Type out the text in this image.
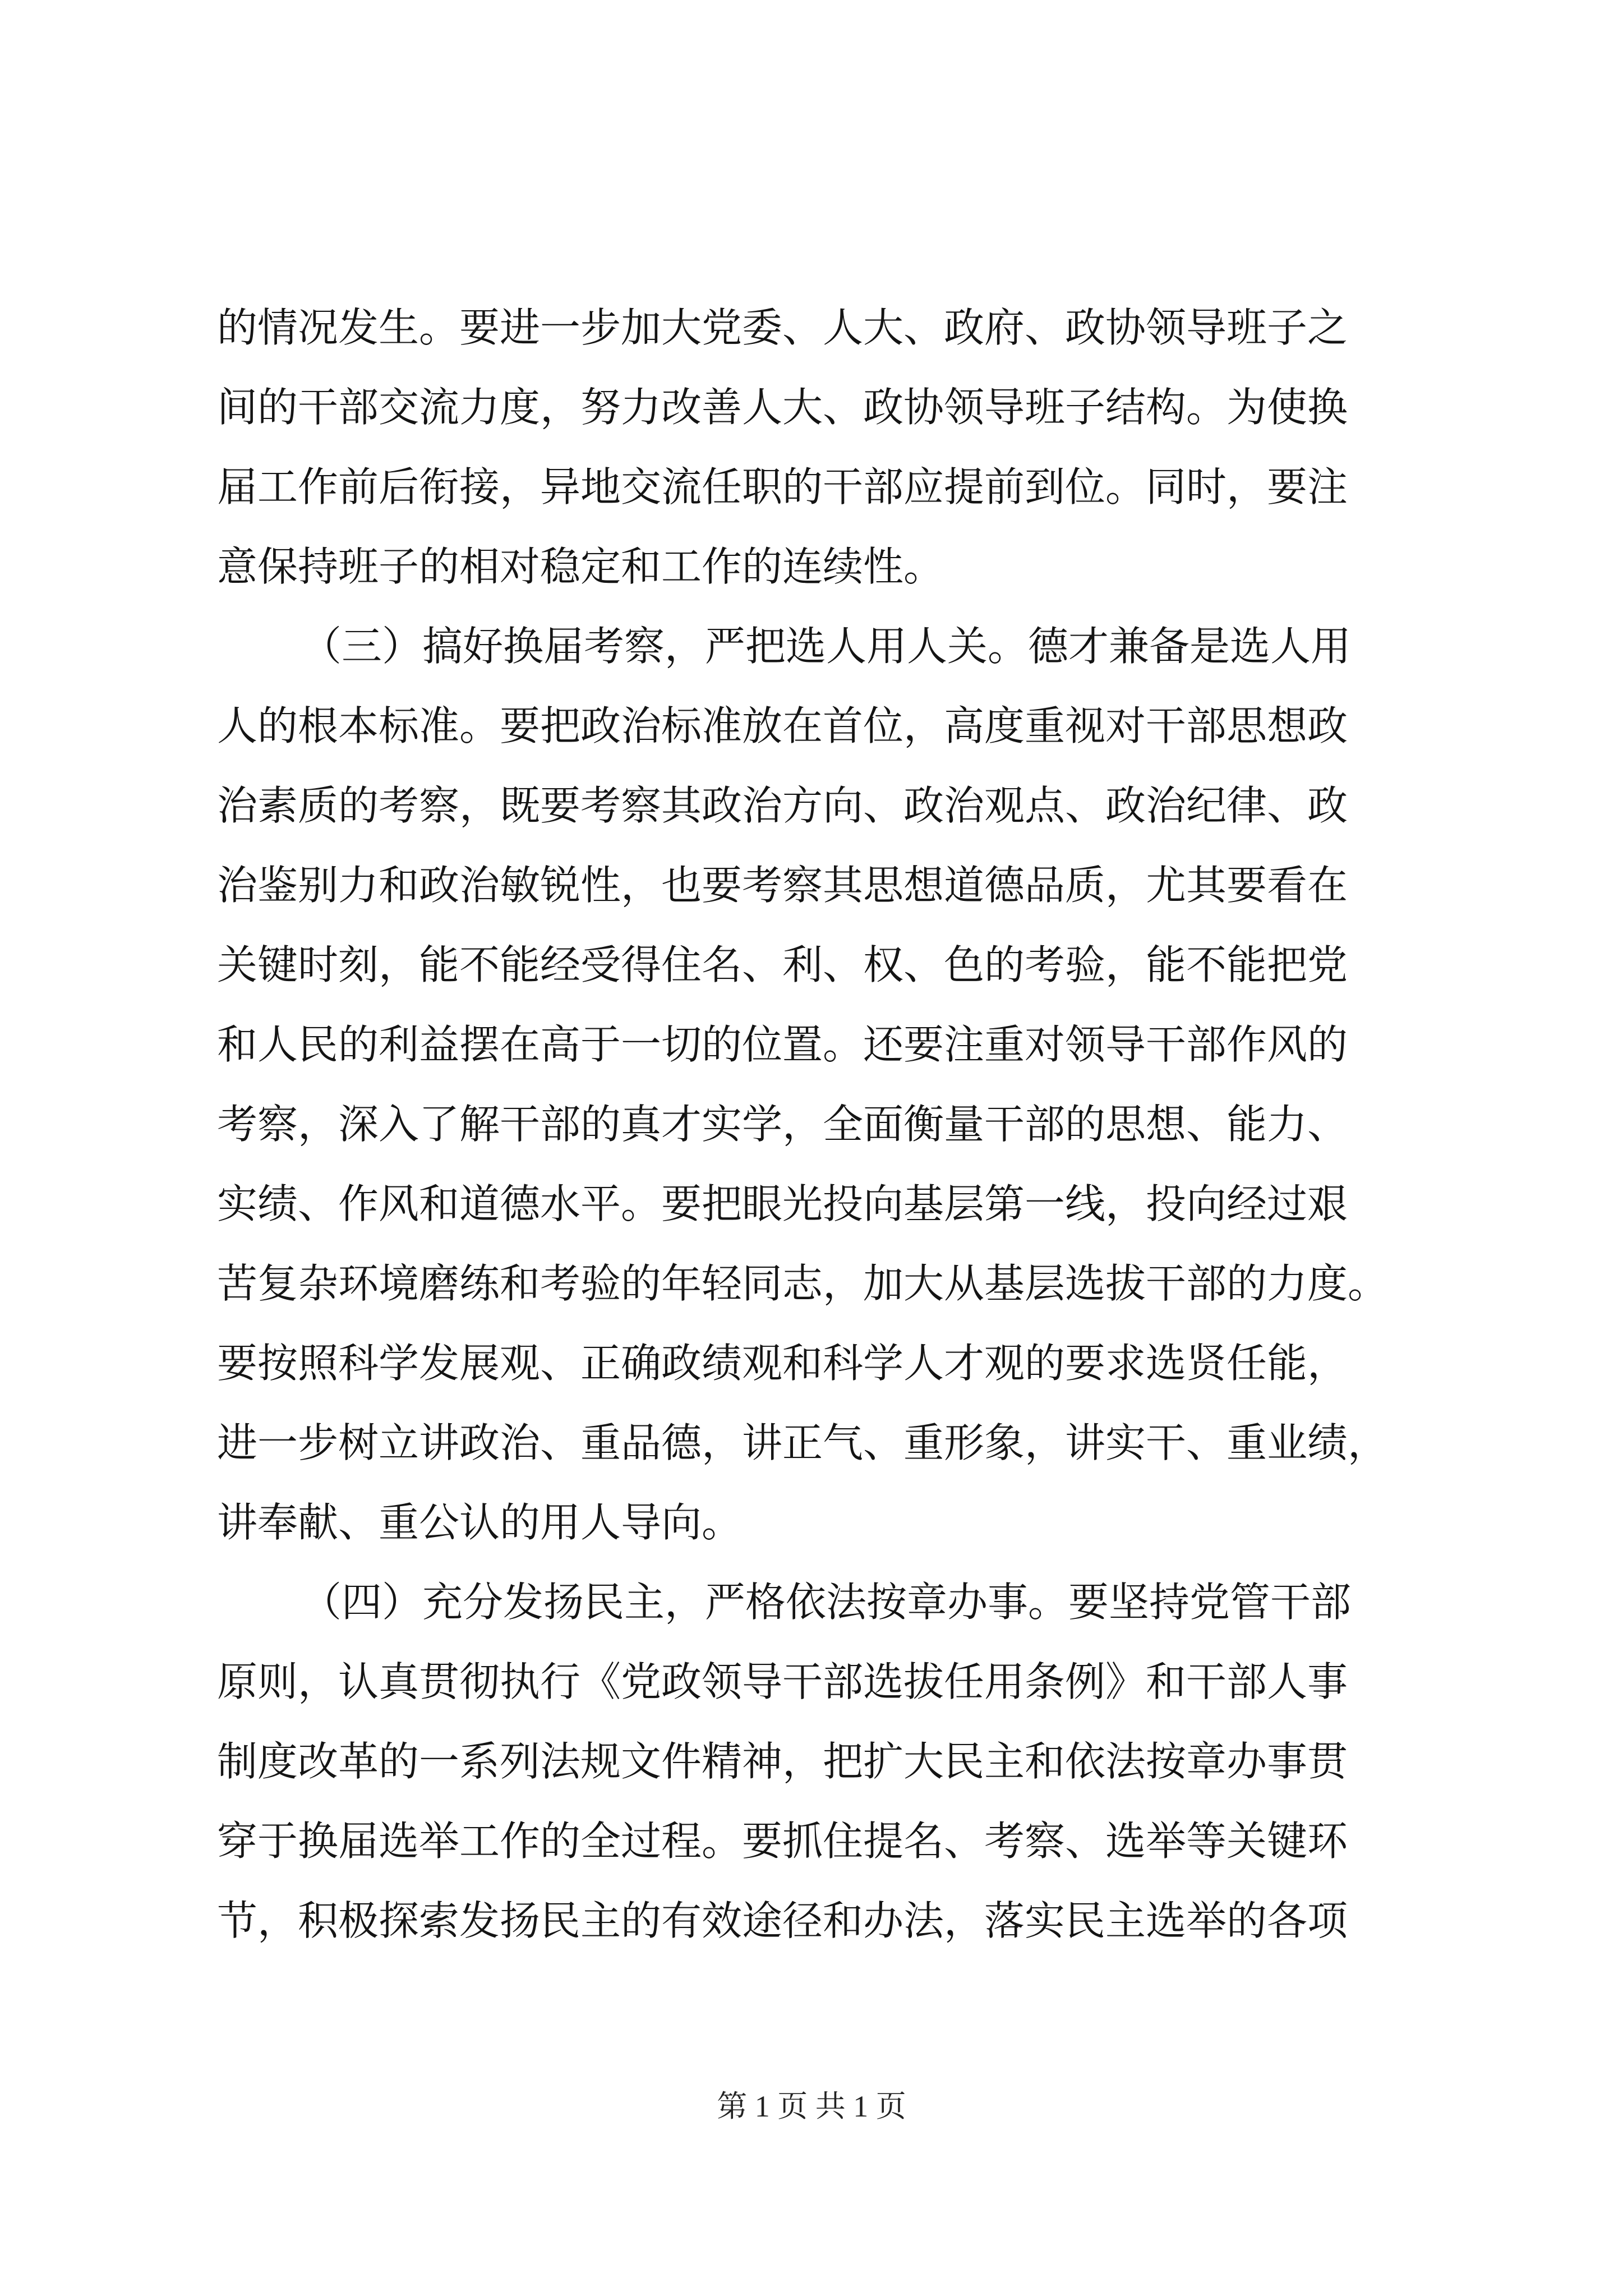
的情况发生。要进一步加大党委、人大、政府、政协领导班子之
间的干部交流力度，努力改善人大、政协领导班子结构。为使换
届工作前后衔接，异地交流任职的干部应提前到位。同时，要注
意保持班子的相对稳定和工作的连续性。
（三）搞好换届考察，严把选人用人关。德才兼备是选人用
人的根本标准。要把政治标准放在首位，高度重视对干部思想政
治素质的考察，既要考察其政治方向、政治观点、政治纪律、政
治鉴别力和政治敏锐性，也要考察其思想道德品质，尤其要看在
关键时刻，能不能经受得住名、利、权、色的考验，能不能把党
和人民的利益摆在高于一切的位置。还要注重对领导干部作风的
考察，深入了解干部的真才实学，全面衡量干部的思想、能力、
实绩、作风和道德水平。要把眼光投向基层第一线，投向经过艰
苦复杂环境磨练和考验的年轻同志，加大从基层选拔干部的力度。
要按照科学发展观、正确政绩观和科学人才观的要求选贤任能，
进一步树立讲政治、重品德，讲正气、重形象，讲实干、重业绩，
讲奉献、重公认的用人导向。
（四）充分发扬民主，严格依法按章办事。要坚持党管干部
原则，认真贯彻执行《党政领导干部选拔任用条例》和干部人事
制度改革的一系列法规文件精神，把扩大民主和依法按章办事贯
穿于换届选举工作的全过程。要抓住提名、考察、选举等关键环
节，积极探索发扬民主的有效途径和办法，落实民主选举的各项
第 1 页 共 1 页
